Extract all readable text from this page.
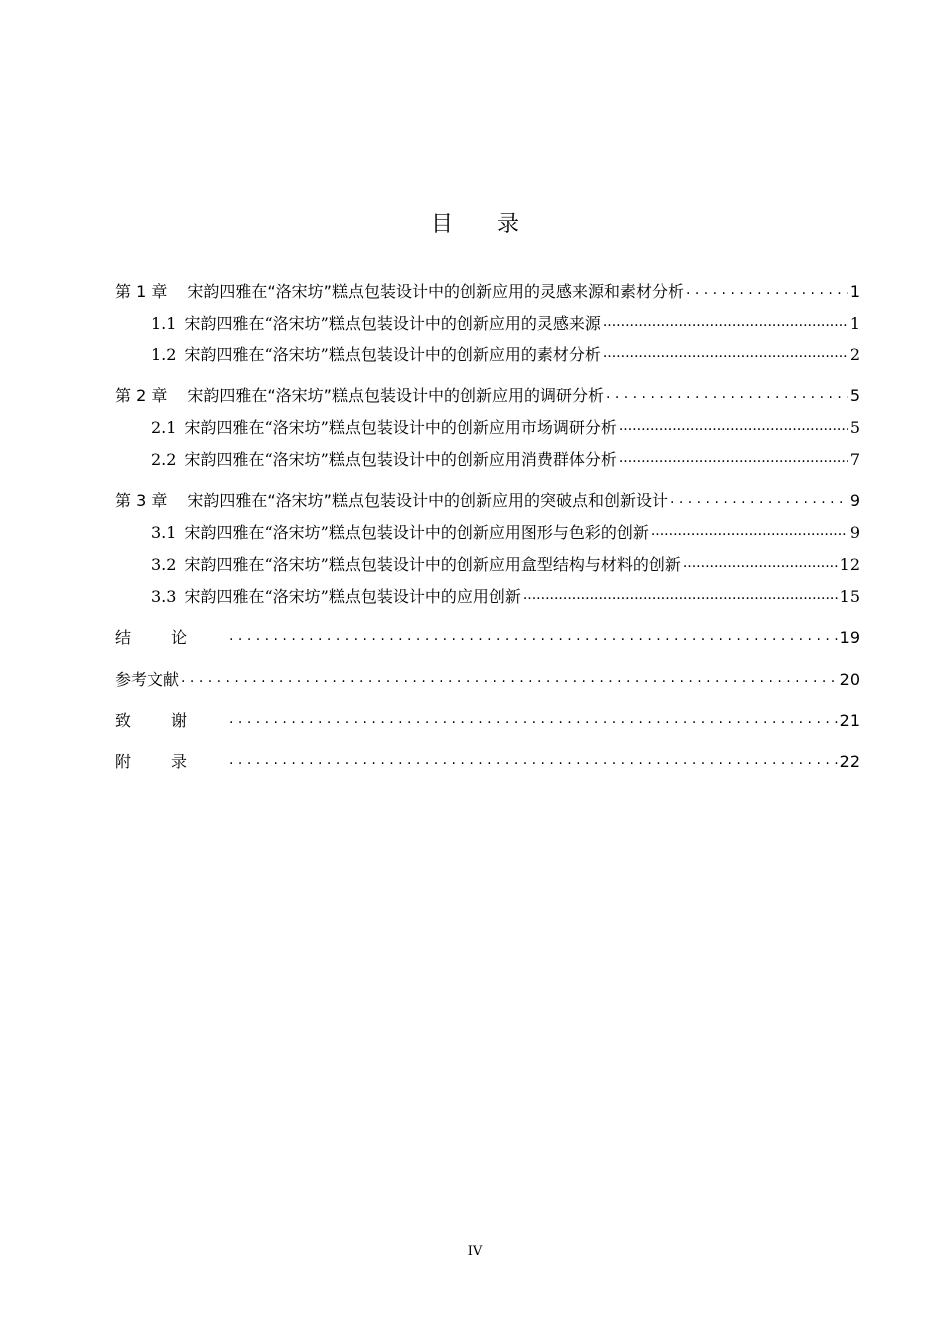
目录
第 1 章 宋韵四雅在“洛宋坊”糕点包装设计中的创新应用的灵感来源和素材分析 . . .	1
1.1 宋韵四雅在“洛宋坊”糕点包装设计中的创新应用的灵感来源 .....	1
1.2 宋韵四雅在“洛宋坊”糕点包装设计中的创新应用的素材分析 .....	2
第 2 章 宋韵四雅在“洛宋坊”糕点包装设计中的创新应用的调研分析 . . .	5
2.1 宋韵四雅在“洛宋坊”糕点包装设计中的创新应用市场调研分析 .....	5
2.2 宋韵四雅在“洛宋坊”糕点包装设计中的创新应用消费群体分析 .....	7
第 3 章 宋韵四雅在“洛宋坊”糕点包装设计中的创新应用的突破点和创新设计 . . .	9
3.1 宋韵四雅在“洛宋坊”糕点包装设计中的创新应用图形与色彩的创新 .....	9
3.2 宋韵四雅在“洛宋坊”糕点包装设计中的创新应用盒型结构与材料的创新 .....	12
3.3 宋韵四雅在“洛宋坊”糕点包装设计中的应用创新 .....	15
结论 . . .	19
参考文献 . . .	20
致谢 . . .	21
附录 . . .	22
IV
